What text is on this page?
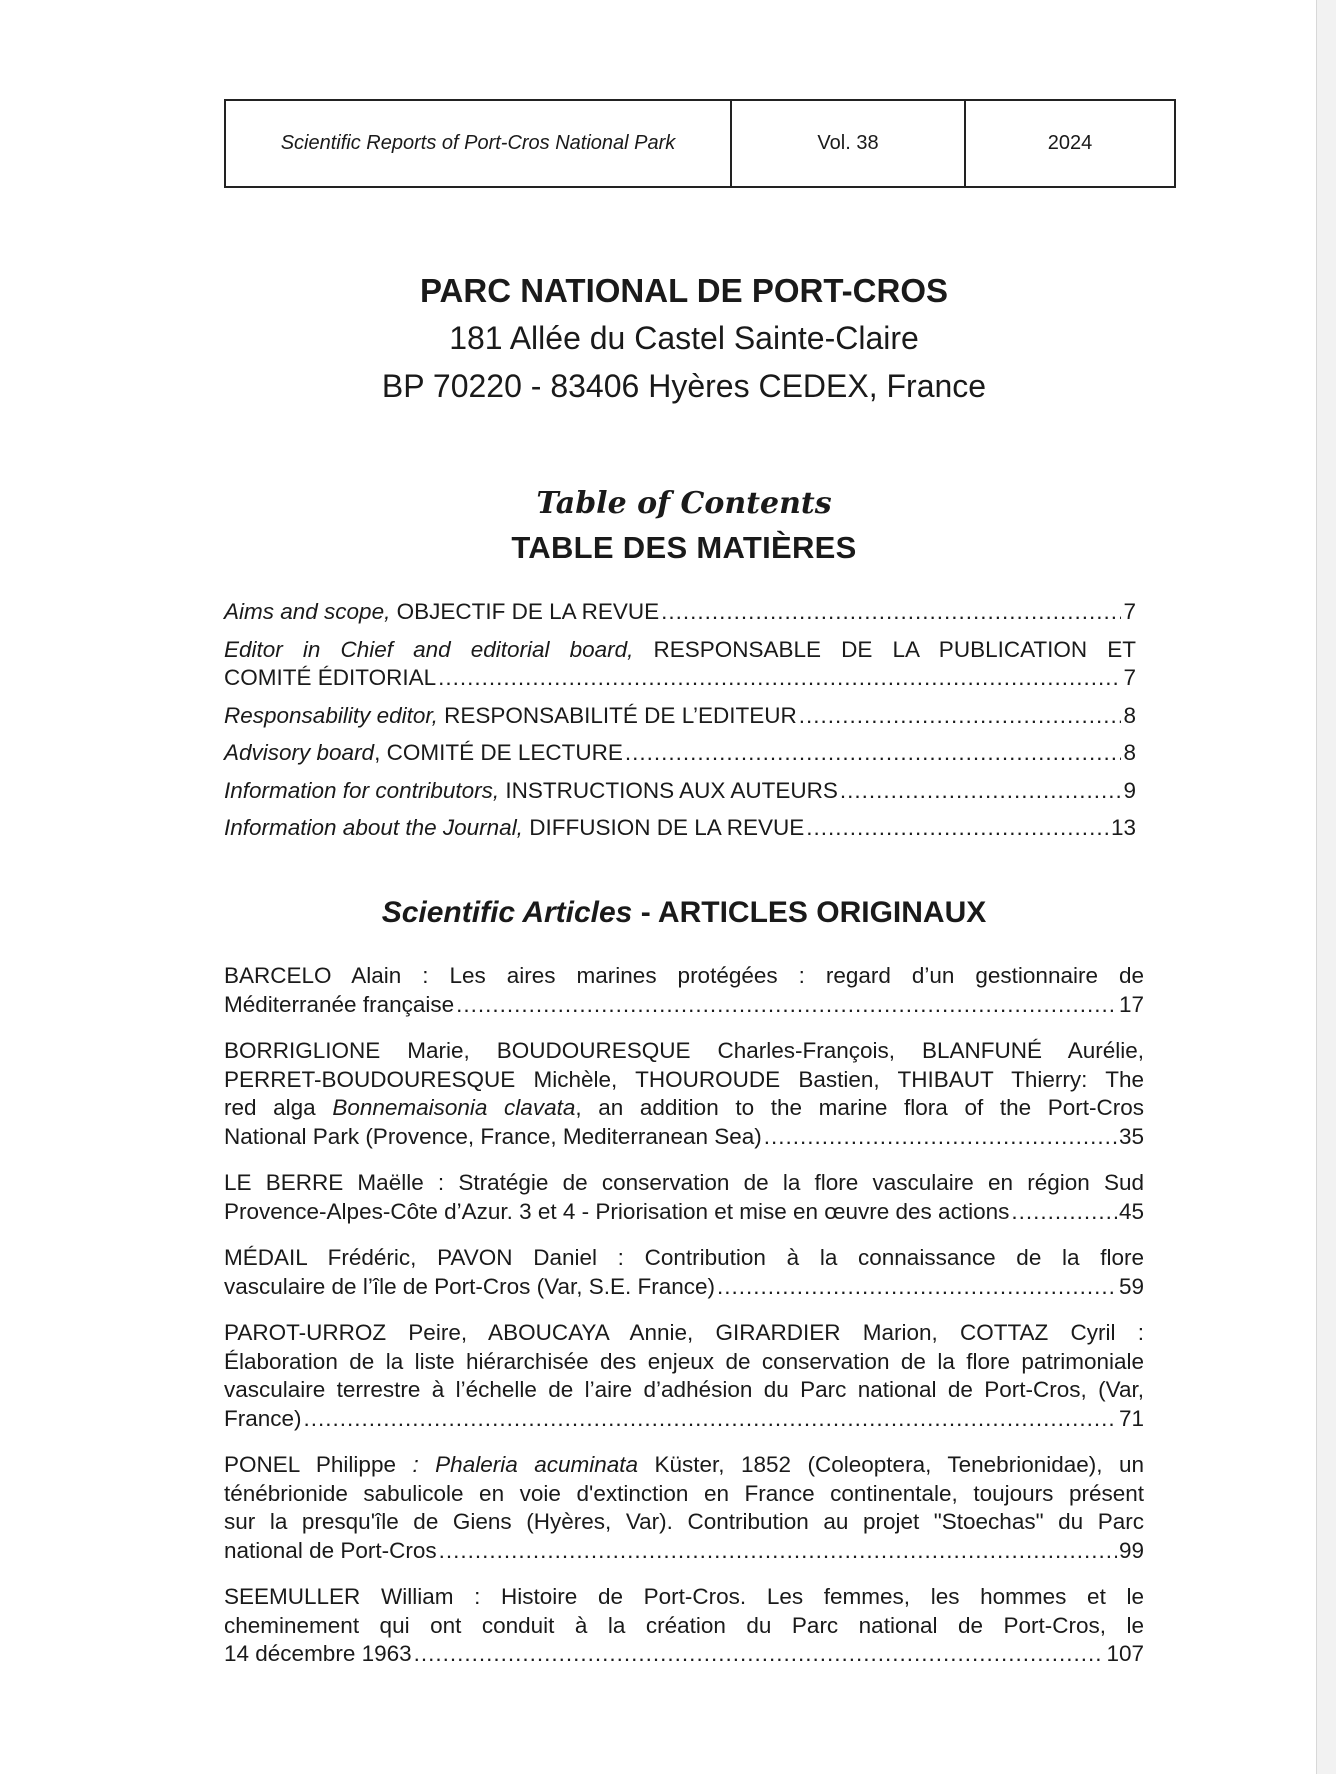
Scientific Reports of Port-Cros National Park	Vol. 38	2024
PARC NATIONAL DE PORT-CROS
181 Allée du Castel Sainte-Claire
BP 70220 - 83406 Hyères CEDEX, France
Table of Contents
TABLE DES MATIÈRES
Aims and scope, OBJECTIF DE LA REVUE .....	7
Editor in Chief and editorial board, RESPONSABLE DE LA PUBLICATION ET
COMITÉ ÉDITORIAL .....	7
Responsability editor, RESPONSABILITÉ DE L’EDITEUR .....	8
Advisory board, COMITÉ DE LECTURE .....	8
Information for contributors, INSTRUCTIONS AUX AUTEURS .....	9
Information about the Journal, DIFFUSION DE LA REVUE .....	13
Scientific Articles - ARTICLES ORIGINAUX
BARCELO Alain : Les aires marines protégées : regard d’un gestionnaire de
Méditerranée française .....	17
BORRIGLIONE Marie, BOUDOURESQUE Charles-François, BLANFUNÉ Aurélie,
PERRET-BOUDOURESQUE Michèle, THOUROUDE Bastien, THIBAUT Thierry: The
red alga Bonnemaisonia clavata, an addition to the marine flora of the Port-Cros
National Park (Provence, France, Mediterranean Sea) .....	35
LE BERRE Maëlle : Stratégie de conservation de la flore vasculaire en région Sud
Provence-Alpes-Côte d’Azur. 3 et 4 - Priorisation et mise en œuvre des actions .....	45
MÉDAIL Frédéric, PAVON Daniel : Contribution à la connaissance de la flore
vasculaire de l’île de Port-Cros (Var, S.E. France) .....	59
PAROT-URROZ Peire, ABOUCAYA Annie, GIRARDIER Marion, COTTAZ Cyril :
Élaboration de la liste hiérarchisée des enjeux de conservation de la flore patrimoniale
vasculaire terrestre à l’échelle de l’aire d’adhésion du Parc national de Port-Cros, (Var,
France) .....	71
PONEL Philippe : Phaleria acuminata Küster, 1852 (Coleoptera, Tenebrionidae), un
ténébrionide sabulicole en voie d'extinction en France continentale, toujours présent
sur la presqu'île de Giens (Hyères, Var). Contribution au projet "Stoechas" du Parc
national de Port-Cros .....	99
SEEMULLER William : Histoire de Port-Cros. Les femmes, les hommes et le
cheminement qui ont conduit à la création du Parc national de Port-Cros, le
14 décembre 1963 .....	107
